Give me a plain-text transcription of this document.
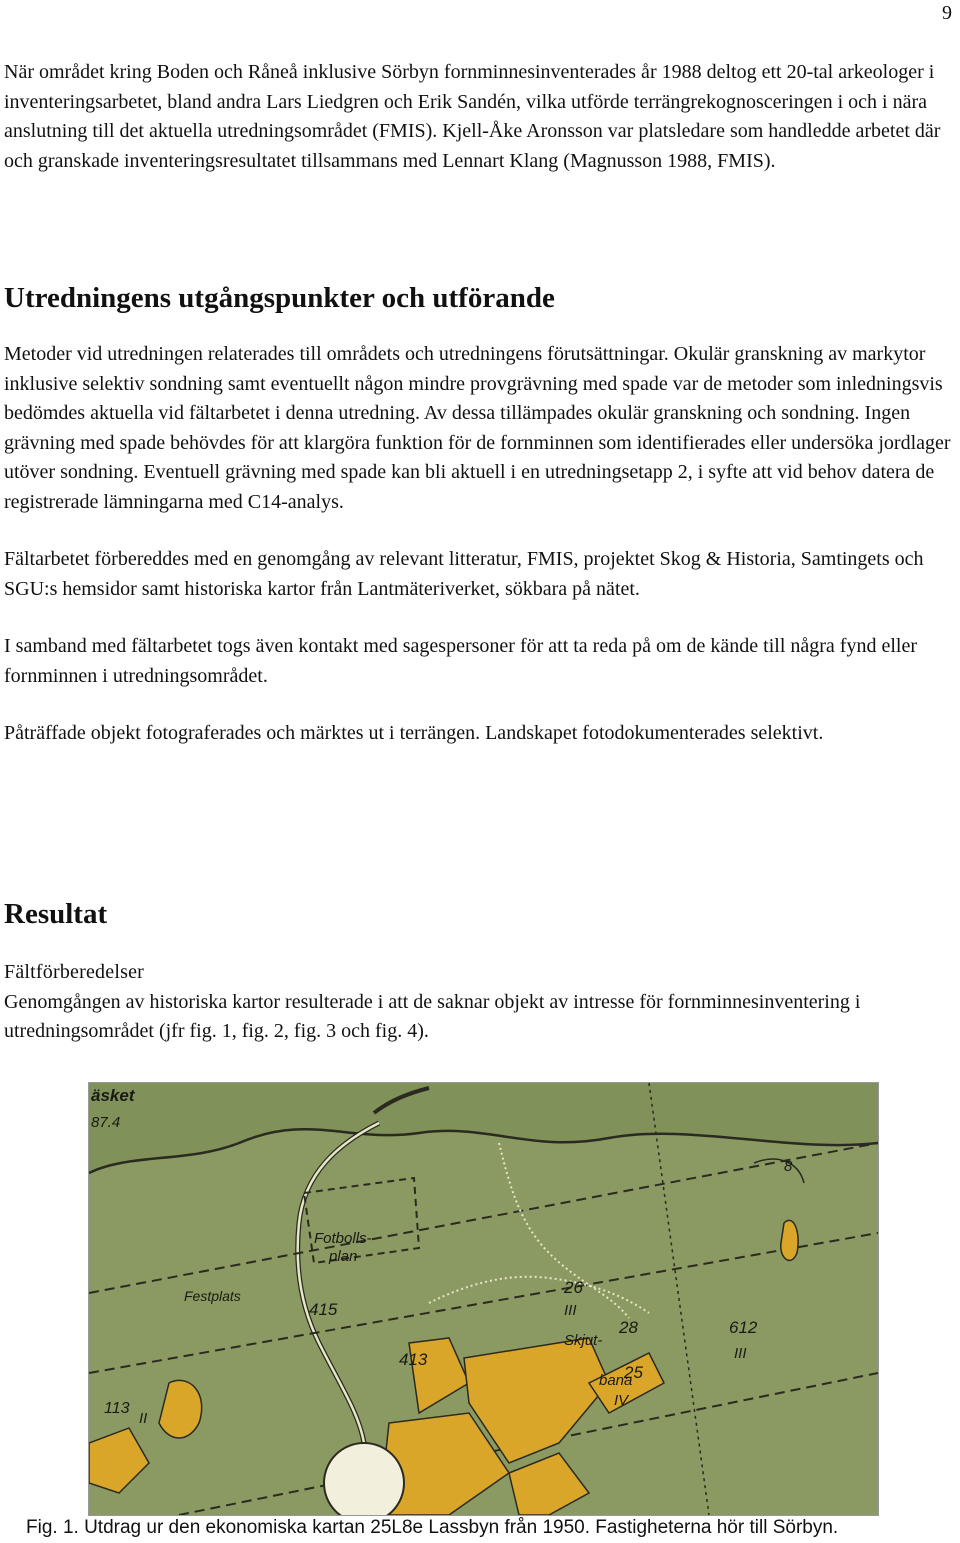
9

När området kring Boden och Råneå inklusive Sörbyn fornminnesinventerades år 1988 deltog ett 20-tal arkeologer i inventeringsarbetet, bland andra Lars Liedgren och Erik Sandén, vilka utförde terrängrekognosceringen i och i nära anslutning till det aktuella utredningsområdet (FMIS). Kjell-Åke Aronsson var platsledare som handledde arbetet där och granskade inventeringsresultatet tillsammans med Lennart Klang (Magnusson 1988, FMIS).

Utredningens utgångspunkter och utförande

Metoder vid utredningen relaterades till områdets och utredningens förutsättningar. Okulär granskning av markytor inklusive selektiv sondning samt eventuellt någon mindre provgrävning med spade var de metoder som inledningsvis bedömdes aktuella vid fältarbetet i denna utredning. Av dessa tillämpades okulär granskning och sondning. Ingen grävning med spade behövdes för att klargöra funktion för de fornminnen som identifierades eller undersöka jordlager utöver sondning. Eventuell grävning med spade kan bli aktuell i en utredningsetapp 2, i syfte att vid behov datera de registrerade lämningarna med C14-analys.

Fältarbetet förbereddes med en genomgång av relevant litteratur, FMIS, projektet Skog & Historia, Samtingets och SGU:s hemsidor samt historiska kartor från Lantmäteriverket, sökbara på nätet.

I samband med fältarbetet togs även kontakt med sagespersoner för att ta reda på om de kände till några fynd eller fornminnen i utredningsområdet.

Påträffade objekt fotograferades och märktes ut i terrängen. Landskapet fotodokumenterades selektivt.

Resultat

Fältförberedelser

Genomgången av historiska kartor resulterade i att de saknar objekt av intresse för fornminnesinventering i utredningsområdet (jfr fig. 1, fig. 2, fig. 3 och fig. 4).

Fotbolls-
plan
Festplats
Skjut-
bana
415
413
26
III
28
25
IV
612
III
8
113
II
87.4
äsket
Fig. 1. Utdrag ur den ekonomiska kartan 25L8e Lassbyn från 1950. Fastigheterna hör till Sörbyn.
